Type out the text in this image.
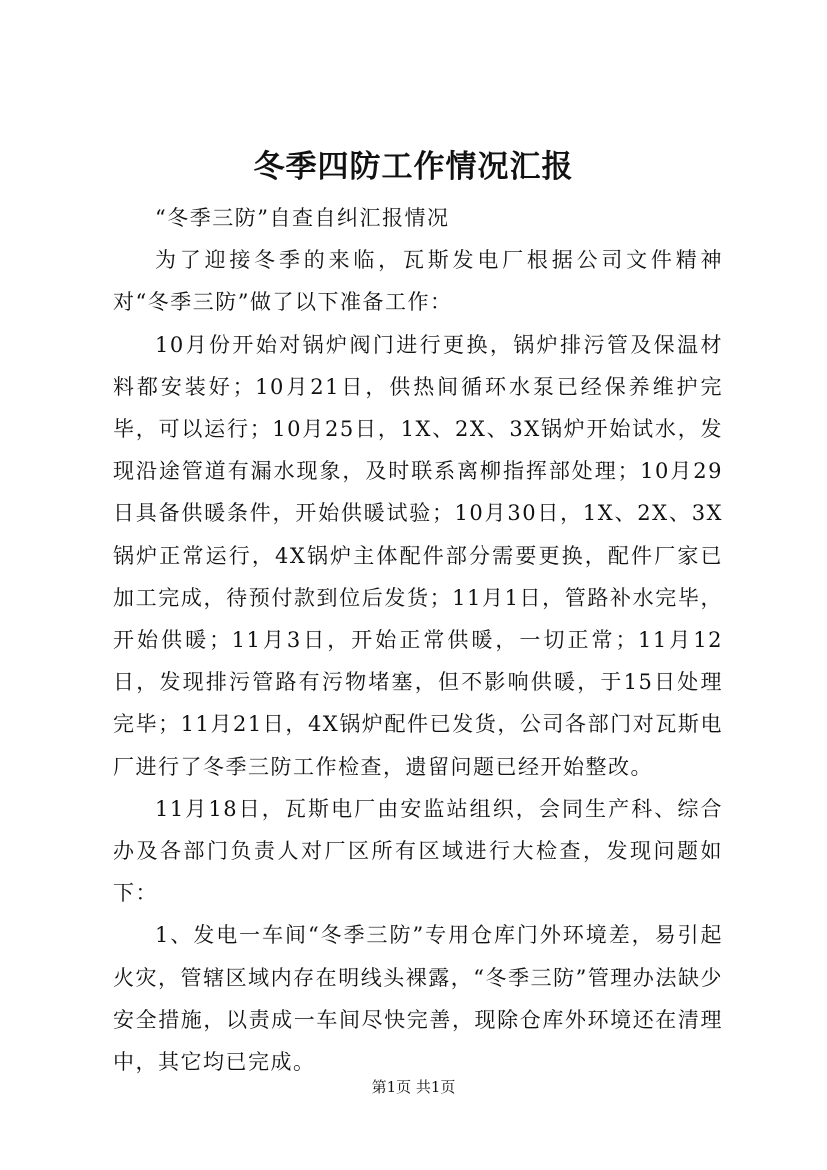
冬季四防工作情况汇报

“冬季三防”自查自纠汇报情况

为了迎接冬季的来临，瓦斯发电厂根据公司文件精神对“冬季三防”做了以下准备工作：

10月份开始对锅炉阀门进行更换，锅炉排污管及保温材料都安装好；10月21日，供热间循环水泵已经保养维护完毕，可以运行；10月25日，1X、2X、3X锅炉开始试水，发现沿途管道有漏水现象，及时联系离柳指挥部处理；10月29日具备供暖条件，开始供暖试验；10月30日，1X、2X、3X锅炉正常运行，4X锅炉主体配件部分需要更换，配件厂家已加工完成，待预付款到位后发货；11月1日，管路补水完毕，开始供暖；11月3日，开始正常供暖，一切正常；11月12日，发现排污管路有污物堵塞，但不影响供暖，于15日处理完毕；11月21日，4X锅炉配件已发货，公司各部门对瓦斯电厂进行了冬季三防工作检查，遗留问题已经开始整改。

11月18日，瓦斯电厂由安监站组织，会同生产科、综合办及各部门负责人对厂区所有区域进行大检查，发现问题如下：

1、发电一车间“冬季三防”专用仓库门外环境差，易引起火灾，管辖区域内存在明线头裸露，“冬季三防”管理办法缺少安全措施，以责成一车间尽快完善，现除仓库外环境还在清理中，其它均已完成。

第1页 共1页
